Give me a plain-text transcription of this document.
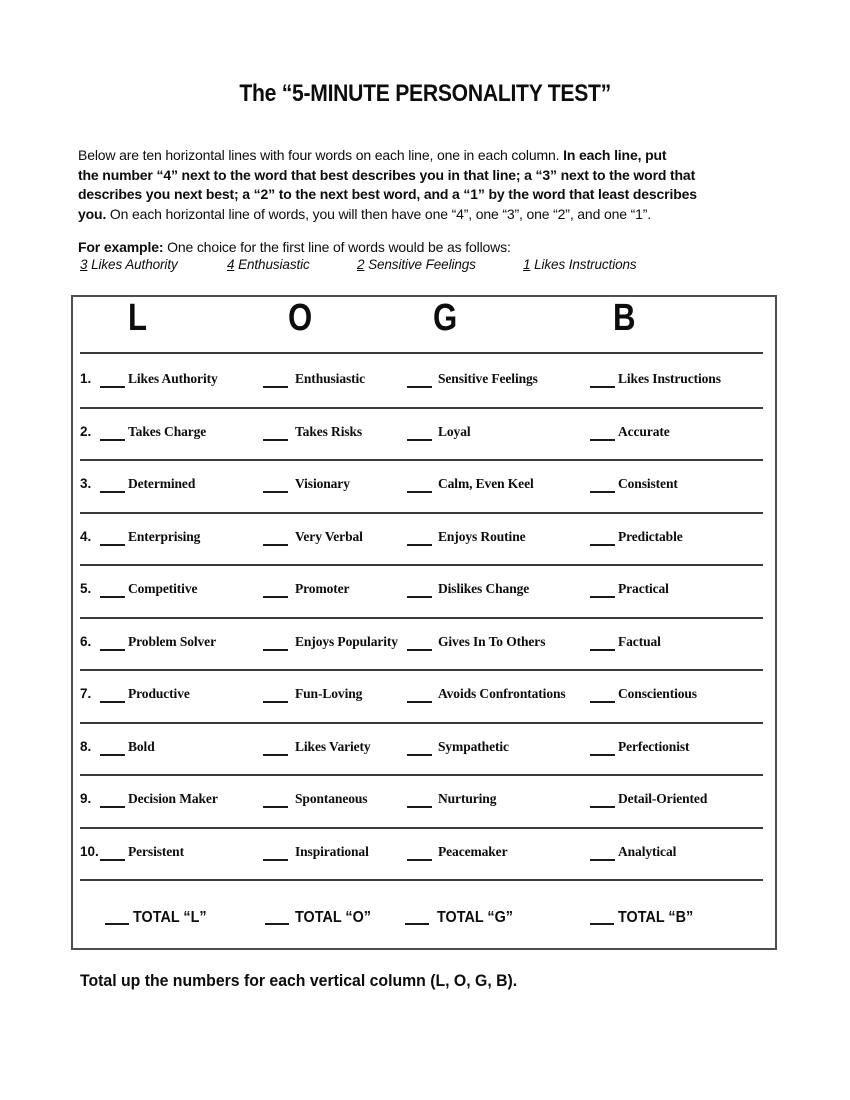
The “5-MINUTE PERSONALITY TEST”
Below are ten horizontal lines with four words on each line, one in each column. In each line, put
the number “4” next to the word that best describes you in that line; a “3” next to the word that
describes you next best; a “2” to the next best word, and a “1” by the word that least describes
you. On each horizontal line of words, you will then have one “4”, one “3”, one “2”, and one “1”.
For example: One choice for the first line of words would be as follows:
3 Likes Authority	4 Enthusiastic	2 Sensitive Feelings	1 Likes Instructions
L	O	G	B
1.	Likes Authority	Enthusiastic	Sensitive Feelings	Likes Instructions
2.	Takes Charge	Takes Risks	Loyal	Accurate
3.	Determined	Visionary	Calm, Even Keel	Consistent
4.	Enterprising	Very Verbal	Enjoys Routine	Predictable
5.	Competitive	Promoter	Dislikes Change	Practical
6.	Problem Solver	Enjoys Popularity	Gives In To Others	Factual
7.	Productive	Fun-Loving	Avoids Confrontations	Conscientious
8.	Bold	Likes Variety	Sympathetic	Perfectionist
9.	Decision Maker	Spontaneous	Nurturing	Detail-Oriented
10. Persistent	Inspirational	Peacemaker	Analytical
TOTAL “L”	TOTAL “O”	TOTAL “G”	TOTAL “B”
Total up the numbers for each vertical column (L, O, G, B).
